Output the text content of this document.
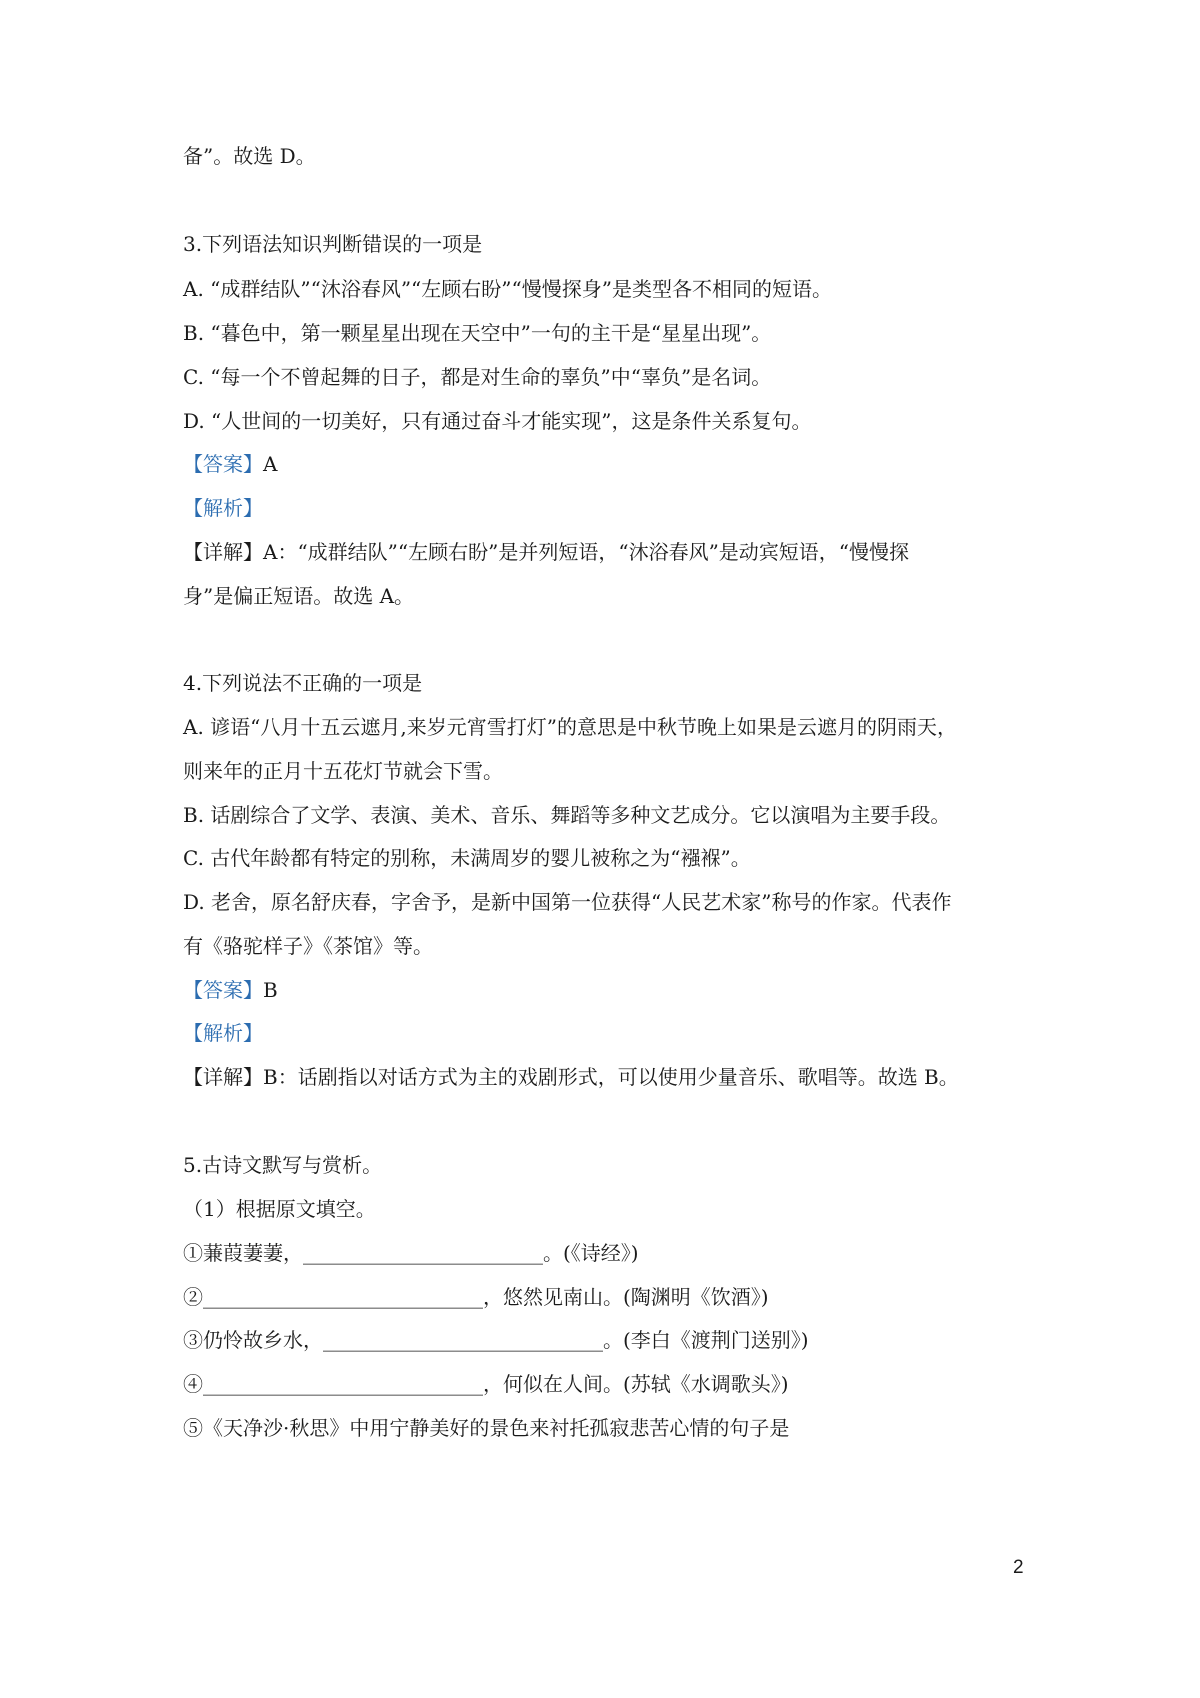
备”。故选 D。
3.下列语法知识判断错误的一项是
A. “成群结队”“沐浴春风”“左顾右盼”“慢慢探身”是类型各不相同的短语。
B. “暮色中，第一颗星星出现在天空中”一句的主干是“星星出现”。
C. “每一个不曾起舞的日子，都是对生命的辜负”中“辜负”是名词。
D. “人世间的一切美好，只有通过奋斗才能实现”，这是条件关系复句。
【答案】A
【解析】
【详解】A：“成群结队”“左顾右盼”是并列短语，“沐浴春风”是动宾短语，“慢慢探
身”是偏正短语。故选 A。
4.下列说法不正确的一项是
A. 谚语“八月十五云遮月,来岁元宵雪打灯”的意思是中秋节晚上如果是云遮月的阴雨天，
则来年的正月十五花灯节就会下雪。
B. 话剧综合了文学、表演、美术、音乐、舞蹈等多种文艺成分。它以演唱为主要手段。
C. 古代年龄都有特定的别称，未满周岁的婴儿被称之为“襁褓”。
D. 老舍，原名舒庆春，字舍予，是新中国第一位获得“人民艺术家”称号的作家。代表作
有《骆驼样子》《茶馆》等。
【答案】B
【解析】
【详解】B：话剧指以对话方式为主的戏剧形式，可以使用少量音乐、歌唱等。故选 B。
5.古诗文默写与赏析。
（1）根据原文填空。
①蒹葭萋萋，________________________。(《诗经》)
②____________________________，悠然见南山。(陶渊明《饮酒》)
③仍怜故乡水，____________________________。(李白《渡荆门送别》)
④____________________________，何似在人间。(苏轼《水调歌头》)
⑤《天净沙·秋思》中用宁静美好的景色来衬托孤寂悲苦心情的句子是
2
